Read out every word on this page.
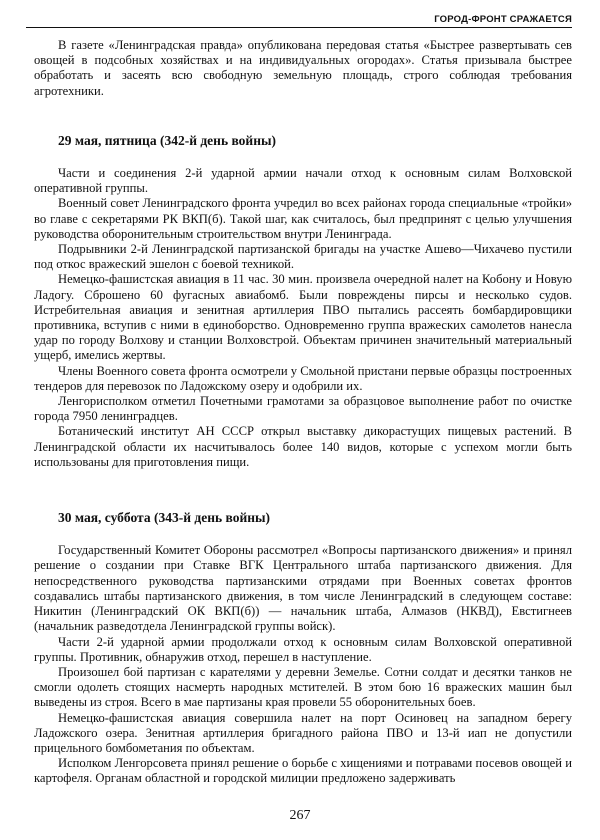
ГОРОД-ФРОНТ СРАЖАЕТСЯ

В газете «Ленинградская правда» опубликована передовая статья «Быстрее развертывать сев овощей в подсобных хозяйствах и на индивидуальных огородах». Статья призывала быстрее обработать и засеять всю свободную земельную площадь, строго соблюдая требования агротехники.

29 мая, пятница (342-й день войны)

Части и соединения 2-й ударной армии начали отход к основным силам Волховской оперативной группы.

Военный совет Ленинградского фронта учредил во всех районах города специальные «тройки» во главе с секретарями РК ВКП(б). Такой шаг, как считалось, был предпринят с целью улучшения руководства оборонительным строительством внутри Ленинграда.

Подрывники 2-й Ленинградской партизанской бригады на участке Ашево—Чихачево пустили под откос вражеский эшелон с боевой техникой.

Немецко-фашистская авиация в 11 час. 30 мин. произвела очередной налет на Кобону и Новую Ладогу. Сброшено 60 фугасных авиабомб. Были повреждены пирсы и несколько судов. Истребительная авиация и зенитная артиллерия ПВО пытались рассеять бомбардировщики противника, вступив с ними в единоборство. Одновременно группа вражеских самолетов нанесла удар по городу Волхову и станции Волховстрой. Объектам причинен значительный материальный ущерб, имелись жертвы.

Члены Военного совета фронта осмотрели у Смольной пристани первые образцы построенных тендеров для перевозок по Ладожскому озеру и одобрили их.

Ленгорисполком отметил Почетными грамотами за образцовое выполнение работ по очистке города 7950 ленинградцев.

Ботанический институт АН СССР открыл выставку дикорастущих пищевых растений. В Ленинградской области их насчитывалось более 140 видов, которые с успехом могли быть использованы для приготовления пищи.

30 мая, суббота (343-й день войны)

Государственный Комитет Обороны рассмотрел «Вопросы партизанского движения» и принял решение о создании при Ставке ВГК Центрального штаба партизанского движения. Для непосредственного руководства партизанскими отрядами при Военных советах фронтов создавались штабы партизанского движения, в том числе Ленинградский в следующем составе: Никитин (Ленинградский ОК ВКП(б)) — начальник штаба, Алмазов (НКВД), Евстигнеев (начальник разведотдела Ленинградской группы войск).

Части 2-й ударной армии продолжали отход к основным силам Волховской оперативной группы. Противник, обнаружив отход, перешел в наступление.

Произошел бой партизан с карателями у деревни Земелье. Сотни солдат и десятки танков не смогли одолеть стоящих насмерть народных мстителей. В этом бою 16 вражеских машин был выведены из строя. Всего в мае партизаны края провели 55 оборонительных боев.

Немецко-фашистская авиация совершила налет на порт Осиновец на западном берегу Ладожского озера. Зенитная артиллерия бригадного района ПВО и 13-й иап не допустили прицельного бомбометания по объектам.

Исполком Ленгорсовета принял решение о борьбе с хищениями и потравами посевов овощей и картофеля. Органам областной и городской милиции предложено задерживать

267
